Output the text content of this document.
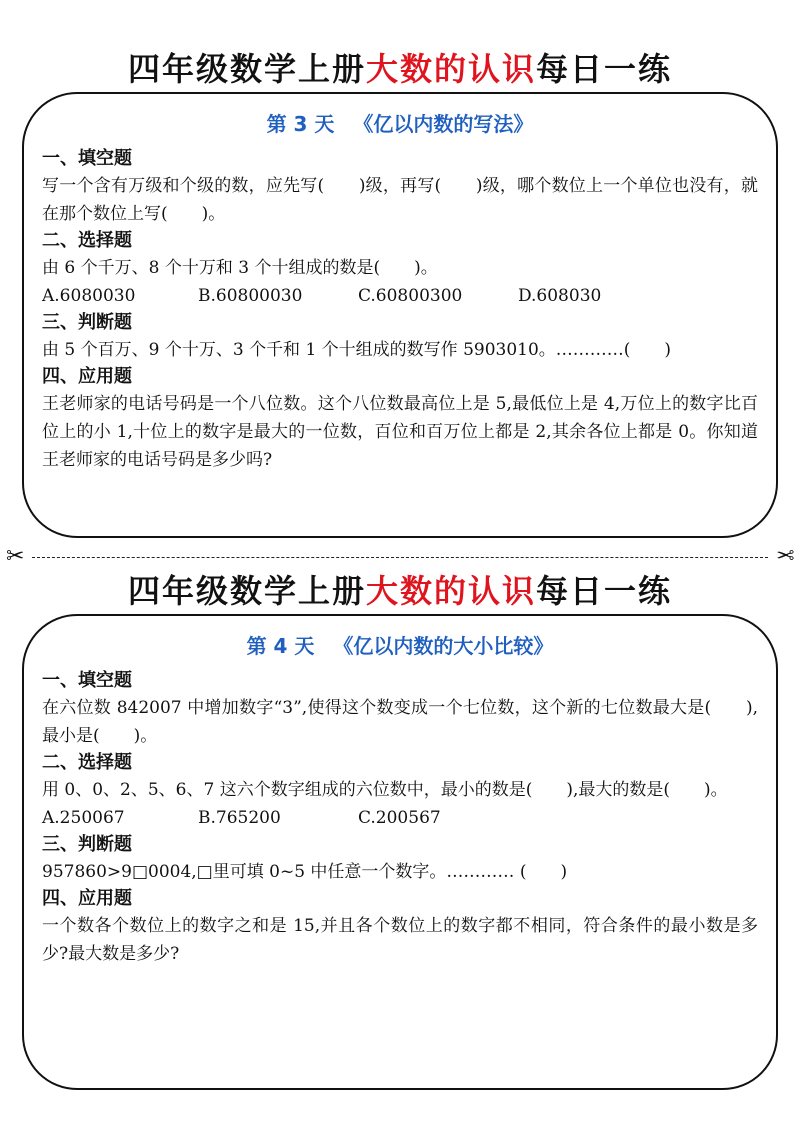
四年级数学上册大数的认识每日一练
第 3 天 《亿以内数的写法》
一、填空题
写一个含有万级和个级的数，应先写(　　)级，再写(　　)级，哪个数位上一个单位也没有，就在那个数位上写(　　)。
二、选择题
由 6 个千万、8 个十万和 3 个十组成的数是(　　)。
A.6080030	B.60800030	C.60800300	D.608030
三、判断题
由 5 个百万、9 个十万、3 个千和 1 个十组成的数写作 5903010。…………(　　)
四、应用题
王老师家的电话号码是一个八位数。这个八位数最高位上是 5,最低位上是 4,万位上的数字比百位上的小 1,十位上的数字是最大的一位数，百位和百万位上都是 2,其余各位上都是 0。你知道王老师家的电话号码是多少吗?
✂	✂
四年级数学上册大数的认识每日一练
第 4 天 《亿以内数的大小比较》
一、填空题
在六位数 842007 中增加数字“3”,使得这个数变成一个七位数，这个新的七位数最大是(　　),最小是(　　)。
二、选择题
用 0、0、2、5、6、7 这六个数字组成的六位数中，最小的数是(　　),最大的数是(　　)。
A.250067	B.765200	C.200567
三、判断题
957860>9□0004,□里可填 0~5 中任意一个数字。………… (　　)
四、应用题
一个数各个数位上的数字之和是 15,并且各个数位上的数字都不相同，符合条件的最小数是多少?最大数是多少?
